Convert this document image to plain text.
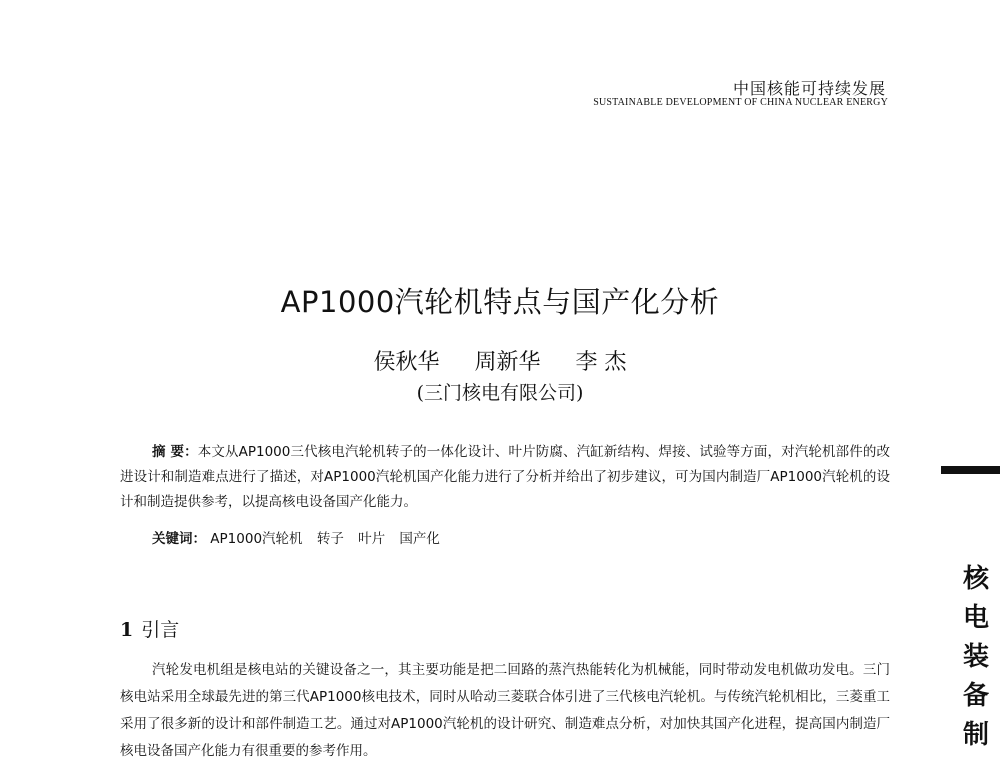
中国核能可持续发展
SUSTAINABLE DEVELOPMENT OF CHINA NUCLEAR ENERGY
AP1000汽轮机特点与国产化分析
侯秋华 周新华 李 杰
(三门核电有限公司)
摘 要：本文从AP1000三代核电汽轮机转子的一体化设计、叶片防腐、汽缸新结构、焊接、试验等方面，对汽轮机部件的改进设计和制造难点进行了描述，对AP1000汽轮机国产化能力进行了分析并给出了初步建议，可为国内制造厂AP1000汽轮机的设计和制造提供参考，以提高核电设备国产化能力。
关键词： AP1000汽轮机 转子 叶片 国产化
1 引言
汽轮发电机组是核电站的关键设备之一，其主要功能是把二回路的蒸汽热能转化为机械能，同时带动发电机做功发电。三门核电站采用全球最先进的第三代AP1000核电技术，同时从哈动三菱联合体引进了三代核电汽轮机。与传统汽轮机相比，三菱重工采用了很多新的设计和部件制造工艺。通过对AP1000汽轮机的设计研究、制造难点分析，对加快其国产化进程，提高国内制造厂核电设备国产化能力有很重要的参考作用。
核
电
装
备
制
